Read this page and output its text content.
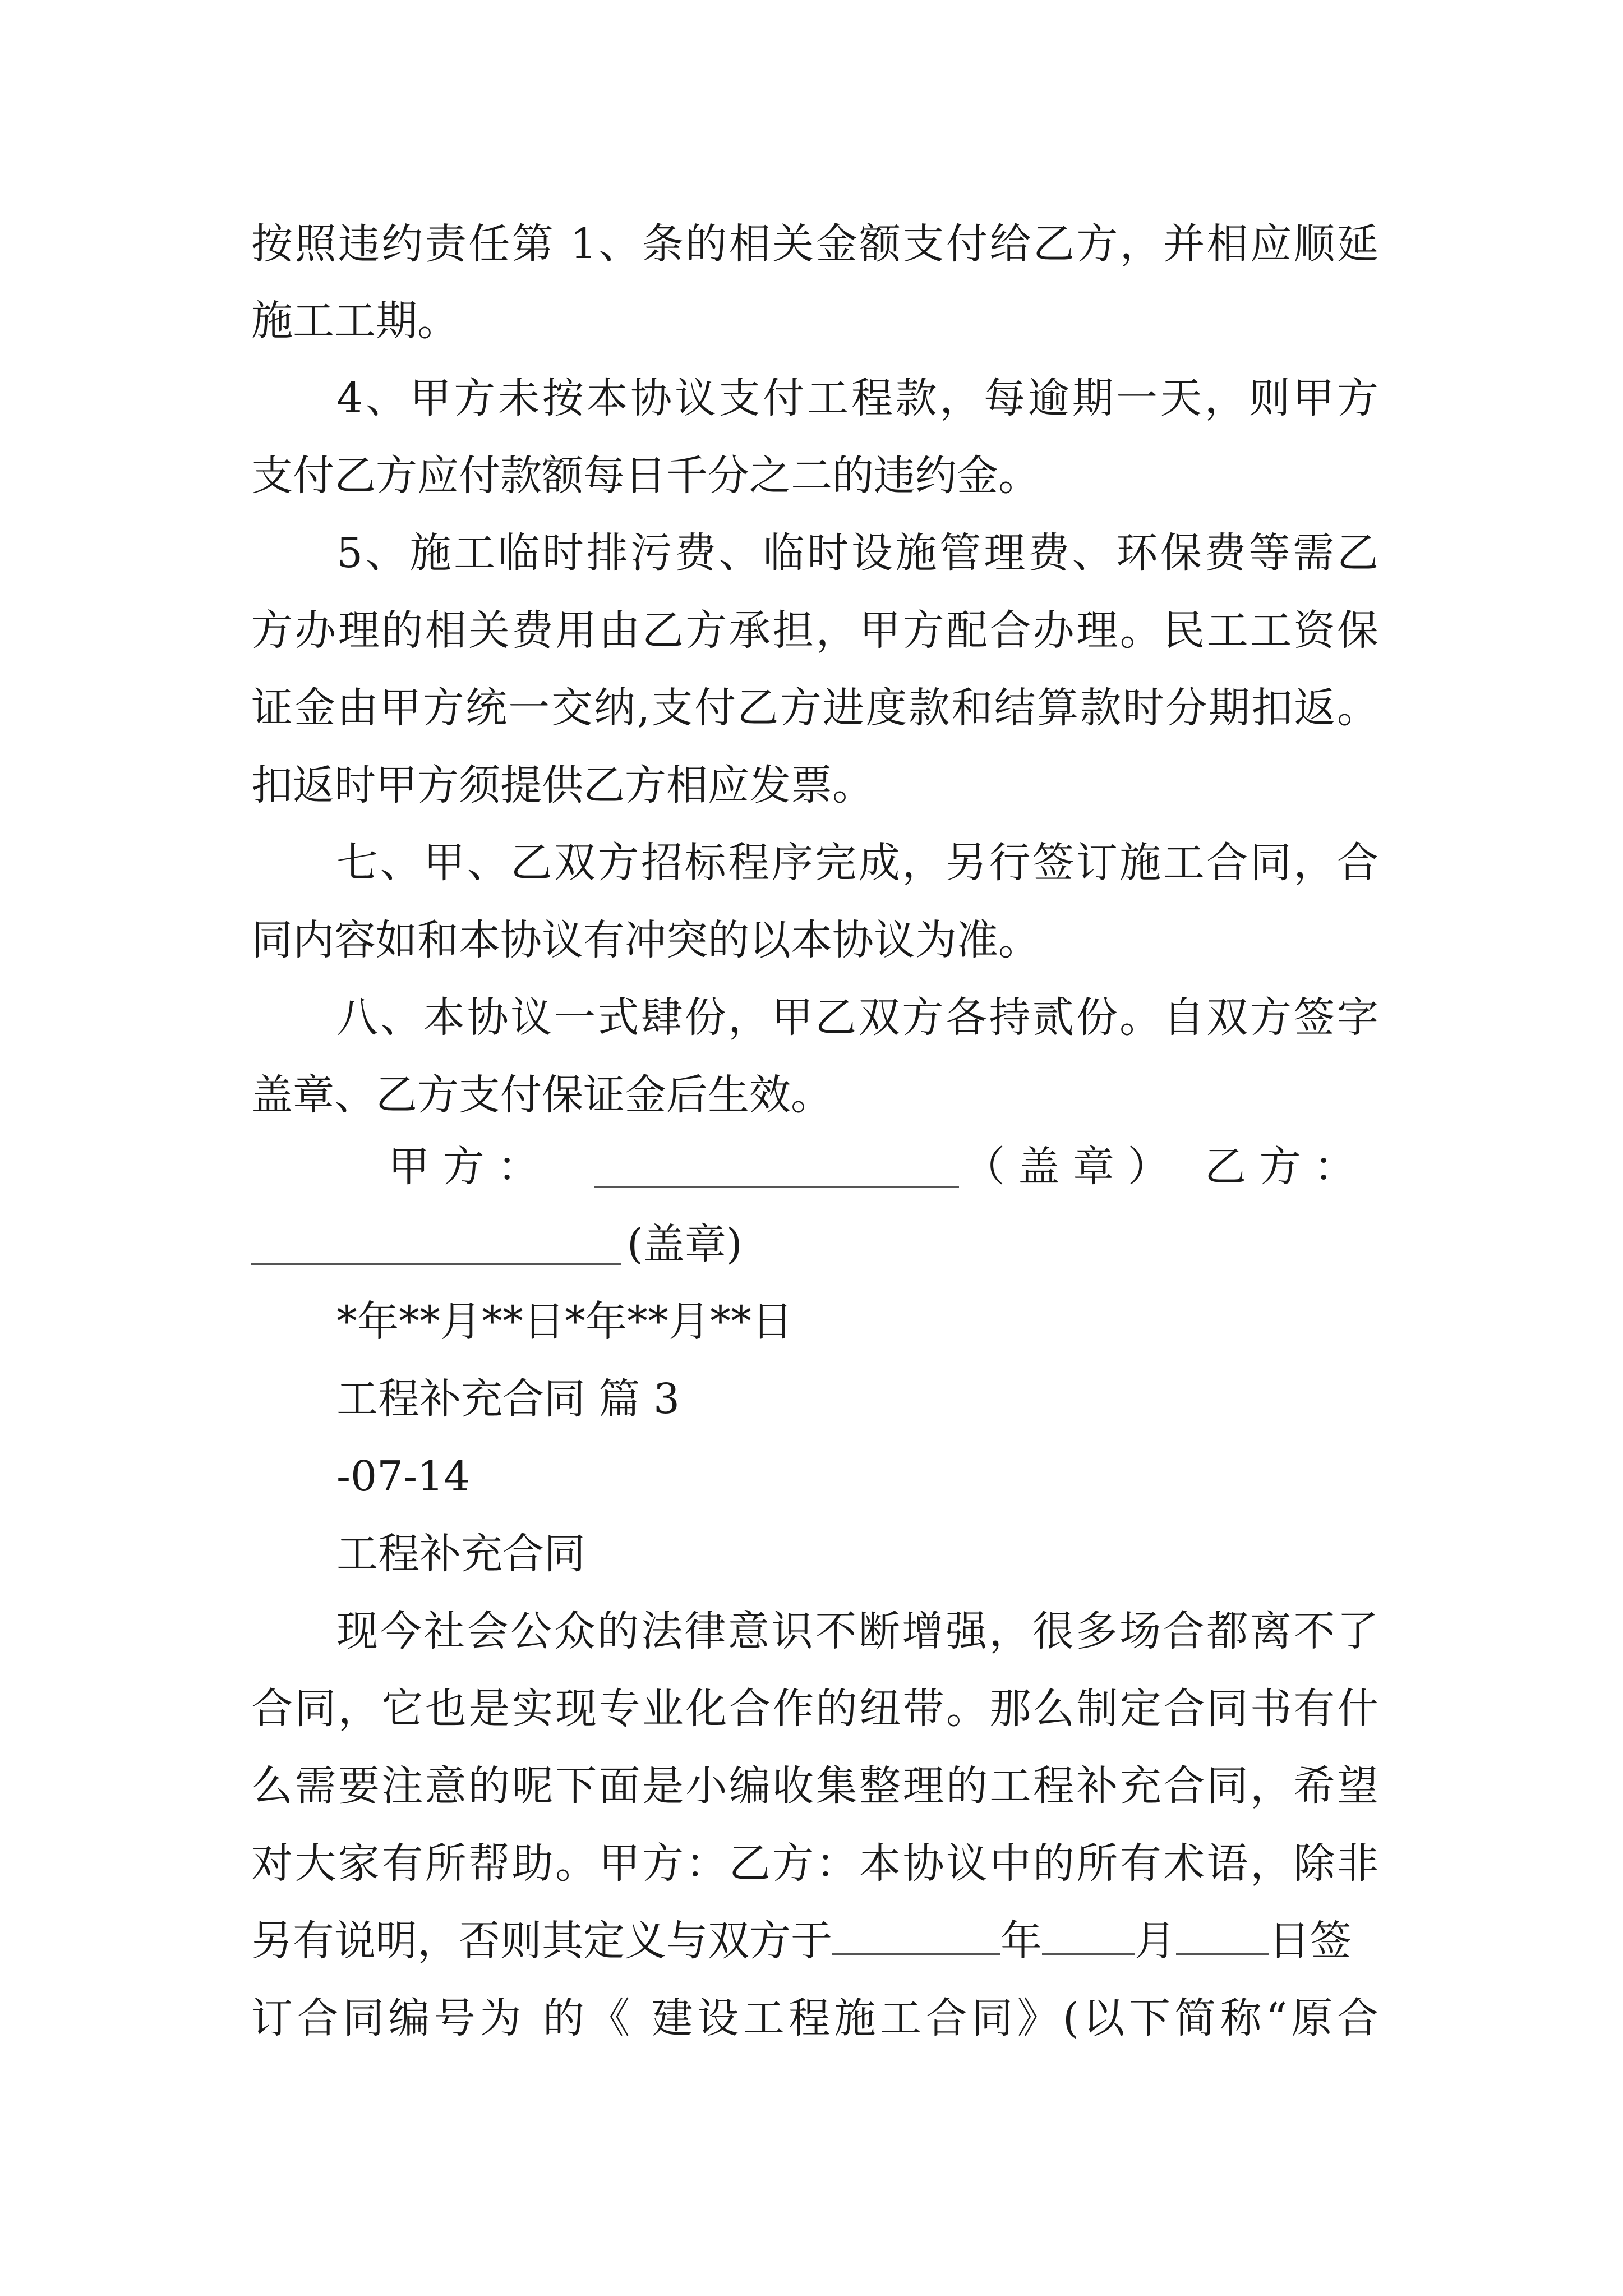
按照违约责任第 1、条的相关金额支付给乙方，并相应顺延
施工工期。
4、甲方未按本协议支付工程款，每逾期一天，则甲方
支付乙方应付款额每日千分之二的违约金。
5、施工临时排污费、临时设施管理费、环保费等需乙
方办理的相关费用由乙方承担，甲方配合办理。民工工资保
证金由甲方统一交纳,支付乙方进度款和结算款时分期扣返。
扣返时甲方须提供乙方相应发票。
七、甲、乙双方招标程序完成，另行签订施工合同，合
同内容如和本协议有冲突的以本协议为准。
八、本协议一式肆份，甲乙双方各持贰份。自双方签字
盖章、乙方支付保证金后生效。
甲 方 ：	（ 盖 章 ） 乙 方 ：
(盖章)
*年**月**日*年**月**日
工程补充合同 篇 3
-07-14
工程补充合同
现今社会公众的法律意识不断增强，很多场合都离不了
合同，它也是实现专业化合作的纽带。那么制定合同书有什
么需要注意的呢下面是小编收集整理的工程补充合同，希望
对大家有所帮助。甲方：乙方：本协议中的所有术语，除非
另有说明，否则其定义与双方于	年 月 日签
订合同编号为 的《 建设工程施工合同》(以下简称“原合
